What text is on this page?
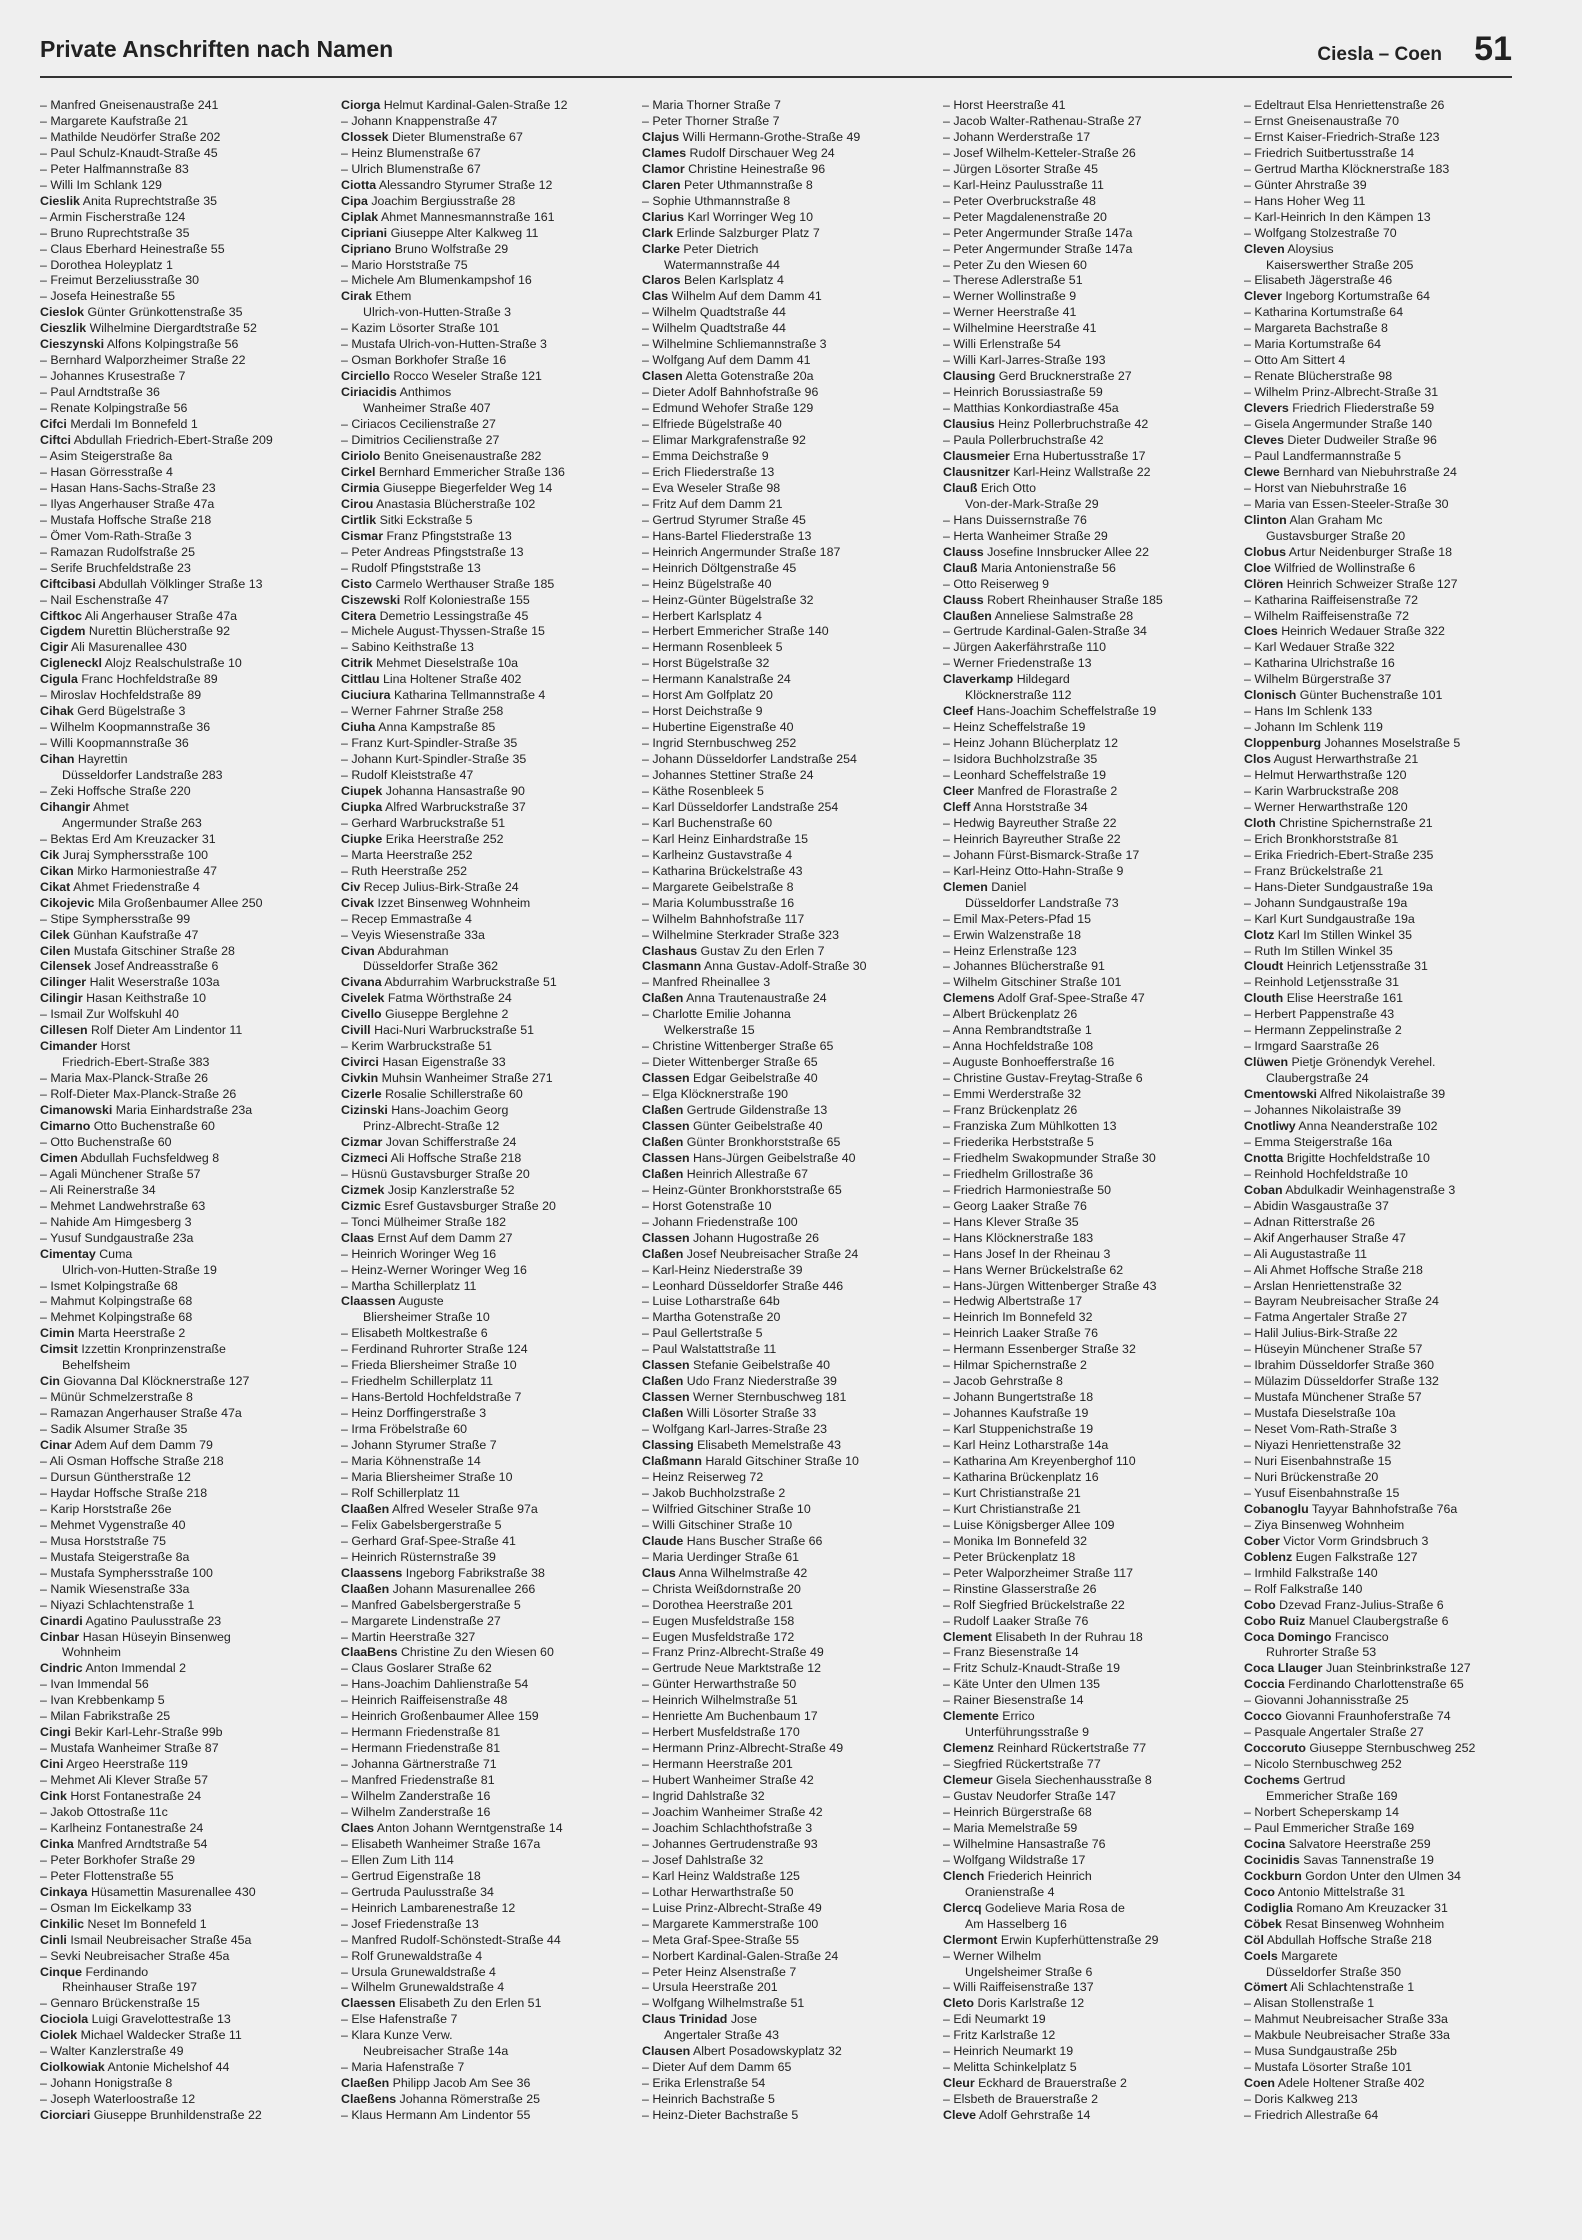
Private Anschriften nach Namen	Ciesla – Coen 51
– Manfred Gneisenaustraße 241
– Margarete Kaufstraße 21
– Mathilde Neudörfer Straße 202
– Paul Schulz-Knaudt-Straße 45
– Peter Halfmannstraße 83
– Willi Im Schlank 129
Cieslik Anita Ruprechtstraße 35
– Armin Fischerstraße 124
– Bruno Ruprechtstraße 35
– Claus Eberhard Heinestraße 55
– Dorothea Holeyplatz 1
– Freimut Berzeliusstraße 30
– Josefa Heinestraße 55
Cieslok Günter Grünkottenstraße 35
Cieszlik Wilhelmine Diergardtstraße 52
Cieszynski Alfons Kolpingstraße 56
– Bernhard Walporzheimer Straße 22
– Johannes Krusestraße 7
– Paul Arndtstraße 36
– Renate Kolpingstraße 56
Cifci Merdali Im Bonnefeld 1
Ciftci Abdullah Friedrich-Ebert-Straße 209
– Asim Steigerstraße 8a
– Hasan Görresstraße 4
– Hasan Hans-Sachs-Straße 23
– Ilyas Angerhauser Straße 47a
– Mustafa Hoffsche Straße 218
– Ömer Vom-Rath-Straße 3
– Ramazan Rudolfstraße 25
– Serife Bruchfeldstraße 23
Ciftcibasi Abdullah Völklinger Straße 13
– Nail Eschenstraße 47
Ciftkoc Ali Angerhauser Straße 47a
Cigdem Nurettin Blücherstraße 92
Cigir Ali Masurenallee 430
Cigleneckl Alojz Realschulstraße 10
Cigula Franc Hochfeldstraße 89
– Miroslav Hochfeldstraße 89
Cihak Gerd Bügelstraße 3
– Wilhelm Koopmannstraße 36
– Willi Koopmannstraße 36
Cihan Hayrettin
Düsseldorfer Landstraße 283
– Zeki Hoffsche Straße 220
Cihangir Ahmet
Angermunder Straße 263
– Bektas Erd Am Kreuzacker 31
Cik Juraj Symphersstraße 100
Cikan Mirko Harmoniestraße 47
Cikat Ahmet Friedenstraße 4
Cikojevic Mila Großenbaumer Allee 250
– Stipe Symphersstraße 99
Cilek Günhan Kaufstraße 47
Cilen Mustafa Gitschiner Straße 28
Cilensek Josef Andreasstraße 6
Cilinger Halit Weserstraße 103a
Cilingir Hasan Keithstraße 10
– Ismail Zur Wolfskuhl 40
Cillesen Rolf Dieter Am Lindentor 11
Cimander Horst
Friedrich-Ebert-Straße 383
– Maria Max-Planck-Straße 26
– Rolf-Dieter Max-Planck-Straße 26
Cimanowski Maria Einhardstraße 23a
Cimarno Otto Buchenstraße 60
– Otto Buchenstraße 60
Cimen Abdullah Fuchsfeldweg 8
– Agali Münchener Straße 57
– Ali Reinerstraße 34
– Mehmet Landwehrstraße 63
– Nahide Am Himgesberg 3
– Yusuf Sundgaustraße 23a
Cimentay Cuma
Ulrich-von-Hutten-Straße 19
– Ismet Kolpingstraße 68
– Mahmut Kolpingstraße 68
– Mehmet Kolpingstraße 68
Cimin Marta Heerstraße 2
Cimsit Izzettin Kronprinzenstraße
Behelfsheim
Cin Giovanna Dal Klöcknerstraße 127
– Münür Schmelzerstraße 8
– Ramazan Angerhauser Straße 47a
– Sadik Alsumer Straße 35
Cinar Adem Auf dem Damm 79
– Ali Osman Hoffsche Straße 218
– Dursun Güntherstraße 12
– Haydar Hoffsche Straße 218
– Karip Horststraße 26e
– Mehmet Vygenstraße 40
– Musa Horststraße 75
– Mustafa Steigerstraße 8a
– Mustafa Symphersstraße 100
– Namik Wiesenstraße 33a
– Niyazi Schlachtenstraße 1
Cinardi Agatino Paulusstraße 23
Cinbar Hasan Hüseyin Binsenweg
Wohnheim
Cindric Anton Immendal 2
– Ivan Immendal 56
– Ivan Krebbenkamp 5
– Milan Fabrikstraße 25
Cingi Bekir Karl-Lehr-Straße 99b
– Mustafa Wanheimer Straße 87
Cini Argeo Heerstraße 119
– Mehmet Ali Klever Straße 57
Cink Horst Fontanestraße 24
– Jakob Ottostraße 11c
– Karlheinz Fontanestraße 24
Cinka Manfred Arndtstraße 54
– Peter Borkhofer Straße 29
– Peter Flottenstraße 55
Cinkaya Hüsamettin Masurenallee 430
– Osman Im Eickelkamp 33
Cinkilic Neset Im Bonnefeld 1
Cinli Ismail Neubreisacher Straße 45a
– Sevki Neubreisacher Straße 45a
Cinque Ferdinando
Rheinhauser Straße 197
– Gennaro Brückenstraße 15
Ciociola Luigi Gravelottestraße 13
Ciolek Michael Waldecker Straße 11
– Walter Kanzlerstraße 49
Ciolkowiak Antonie Michelshof 44
– Johann Honigstraße 8
– Joseph Waterloostraße 12
Ciorciari Giuseppe Brunhildenstraße 22
Ciorga Helmut Kardinal-Galen-Straße 12
– Johann Knappenstraße 47
Clossek Dieter Blumenstraße 67
– Heinz Blumenstraße 67
– Ulrich Blumenstraße 67
Ciotta Alessandro Styrumer Straße 12
Cipa Joachim Bergiusstraße 28
Ciplak Ahmet Mannesmannstraße 161
Cipriani Giuseppe Alter Kalkweg 11
Cipriano Bruno Wolfstraße 29
– Mario Horststraße 75
– Michele Am Blumenkampshof 16
Cirak Ethem
Ulrich-von-Hutten-Straße 3
– Kazim Lösorter Straße 101
– Mustafa Ulrich-von-Hutten-Straße 3
– Osman Borkhofer Straße 16
Circiello Rocco Weseler Straße 121
Ciriacidis Anthimos
Wanheimer Straße 407
– Ciriacos Cecilienstraße 27
– Dimitrios Cecilienstraße 27
Ciriolo Benito Gneisenaustraße 282
Cirkel Bernhard Emmericher Straße 136
Cirmia Giuseppe Biegerfelder Weg 14
Cirou Anastasia Blücherstraße 102
Cirtlik Sitki Eckstraße 5
Cismar Franz Pfingststraße 13
– Peter Andreas Pfingststraße 13
– Rudolf Pfingststraße 13
Cisto Carmelo Werthauser Straße 185
Ciszewski Rolf Koloniestraße 155
Citera Demetrio Lessingstraße 45
– Michele August-Thyssen-Straße 15
– Sabino Keithstraße 13
Citrik Mehmet Dieselstraße 10a
Cittlau Lina Holtener Straße 402
Ciuciura Katharina Tellmannstraße 4
– Werner Fahrner Straße 258
Ciuha Anna Kampstraße 85
– Franz Kurt-Spindler-Straße 35
– Johann Kurt-Spindler-Straße 35
– Rudolf Kleiststraße 47
Ciupek Johanna Hansastraße 90
Ciupka Alfred Warbruckstraße 37
– Gerhard Warbruckstraße 51
Ciupke Erika Heerstraße 252
– Marta Heerstraße 252
– Ruth Heerstraße 252
Civ Recep Julius-Birk-Straße 24
Civak Izzet Binsenweg Wohnheim
– Recep Emmastraße 4
– Veyis Wiesenstraße 33a
Civan Abdurahman
Düsseldorfer Straße 362
Civana Abdurrahim Warbruckstraße 51
Civelek Fatma Wörthstraße 24
Civello Giuseppe Berglehne 2
Civill Haci-Nuri Warbruckstraße 51
– Kerim Warbruckstraße 51
Civirci Hasan Eigenstraße 33
Civkin Muhsin Wanheimer Straße 271
Cizerle Rosalie Schillerstraße 60
Cizinski Hans-Joachim Georg
Prinz-Albrecht-Straße 12
Cizmar Jovan Schifferstraße 24
Cizmeci Ali Hoffsche Straße 218
– Hüsnü Gustavsburger Straße 20
Cizmek Josip Kanzlerstraße 52
Cizmic Esref Gustavsburger Straße 20
– Tonci Mülheimer Straße 182
Claas Ernst Auf dem Damm 27
– Heinrich Woringer Weg 16
– Heinz-Werner Woringer Weg 16
– Martha Schillerplatz 11
Claassen Auguste
Bliersheimer Straße 10
– Elisabeth Moltkestraße 6
– Ferdinand Ruhrorter Straße 124
– Frieda Bliersheimer Straße 10
– Friedhelm Schillerplatz 11
– Hans-Bertold Hochfeldstraße 7
– Heinz Dorffingerstraße 3
– Irma Fröbelstraße 60
– Johann Styrumer Straße 7
– Maria Köhnenstraße 14
– Maria Bliersheimer Straße 10
– Rolf Schillerplatz 11
Claaßen Alfred Weseler Straße 97a
– Felix Gabelsbergerstraße 5
– Gerhard Graf-Spee-Straße 41
– Heinrich Rüsternstraße 39
Claassens Ingeborg Fabrikstraße 38
Claaßen Johann Masurenallee 266
– Manfred Gabelsbergerstraße 5
– Margarete Lindenstraße 27
– Martin Heerstraße 327
ClaaBens Christine Zu den Wiesen 60
– Claus Goslarer Straße 62
– Hans-Joachim Dahlienstraße 54
– Heinrich Raiffeisenstraße 48
– Heinrich Großenbaumer Allee 159
– Hermann Friedenstraße 81
– Hermann Friedenstraße 81
– Johanna Gärtnerstraße 71
– Manfred Friedenstraße 81
– Wilhelm Zanderstraße 16
– Wilhelm Zanderstraße 16
Claes Anton Johann Werntgenstraße 14
– Elisabeth Wanheimer Straße 167a
– Ellen Zum Lith 114
– Gertrud Eigenstraße 18
– Gertruda Paulusstraße 34
– Heinrich Lambarenestraße 12
– Josef Friedenstraße 13
– Manfred Rudolf-Schönstedt-Straße 44
– Rolf Grunewaldstraße 4
– Ursula Grunewaldstraße 4
– Wilhelm Grunewaldstraße 4
Claessen Elisabeth Zu den Erlen 51
– Else Hafenstraße 7
– Klara Kunze Verw.
Neubreisacher Straße 14a
– Maria Hafenstraße 7
Claeßen Philipp Jacob Am See 36
Claeßens Johanna Römerstraße 25
– Klaus Hermann Am Lindentor 55
– Maria Thorner Straße 7
– Peter Thorner Straße 7
Clajus Willi Hermann-Grothe-Straße 49
Clames Rudolf Dirschauer Weg 24
Clamor Christine Heinestraße 96
Claren Peter Uthmannstraße 8
– Sophie Uthmannstraße 8
Clarius Karl Worringer Weg 10
Clark Erlinde Salzburger Platz 7
Clarke Peter Dietrich
Watermannstraße 44
Claros Belen Karlsplatz 4
Clas Wilhelm Auf dem Damm 41
– Wilhelm Quadtstraße 44
– Wilhelm Quadtstraße 44
– Wilhelmine Schliemannstraße 3
– Wolfgang Auf dem Damm 41
Clasen Aletta Gotenstraße 20a
– Dieter Adolf Bahnhofstraße 96
– Edmund Wehofer Straße 129
– Elfriede Bügelstraße 40
– Elimar Markgrafenstraße 92
– Emma Deichstraße 9
– Erich Fliederstraße 13
– Eva Weseler Straße 98
– Fritz Auf dem Damm 21
– Gertrud Styrumer Straße 45
– Hans-Bartel Fliederstraße 13
– Heinrich Angermunder Straße 187
– Heinrich Döltgenstraße 45
– Heinz Bügelstraße 40
– Heinz-Günter Bügelstraße 32
– Herbert Karlsplatz 4
– Herbert Emmericher Straße 140
– Hermann Rosenbleek 5
– Horst Bügelstraße 32
– Hermann Kanalstraße 24
– Horst Am Golfplatz 20
– Horst Deichstraße 9
– Hubertine Eigenstraße 40
– Ingrid Sternbuschweg 252
– Johann Düsseldorfer Landstraße 254
– Johannes Stettiner Straße 24
– Käthe Rosenbleek 5
– Karl Düsseldorfer Landstraße 254
– Karl Buchenstraße 60
– Karl Heinz Einhardstraße 15
– Karlheinz Gustavstraße 4
– Katharina Brückelstraße 43
– Margarete Geibelstraße 8
– Maria Kolumbusstraße 16
– Wilhelm Bahnhofstraße 117
– Wilhelmine Sterkrader Straße 323
Clashaus Gustav Zu den Erlen 7
Clasmann Anna Gustav-Adolf-Straße 30
– Manfred Rheinallee 3
Claßen Anna Trautenaustraße 24
– Charlotte Emilie Johanna
Welkerstraße 15
– Christine Wittenberger Straße 65
– Dieter Wittenberger Straße 65
Classen Edgar Geibelstraße 40
– Elga Klöcknerstraße 190
Claßen Gertrude Gildenstraße 13
Classen Günter Geibelstraße 40
Claßen Günter Bronkhorststraße 65
Classen Hans-Jürgen Geibelstraße 40
Claßen Heinrich Allestraße 67
– Heinz-Günter Bronkhorststraße 65
– Horst Gotenstraße 10
– Johann Friedenstraße 100
Classen Johann Hugostraße 26
Claßen Josef Neubreisacher Straße 24
– Karl-Heinz Niederstraße 39
– Leonhard Düsseldorfer Straße 446
– Luise Lotharstraße 64b
– Martha Gotenstraße 20
– Paul Gellertstraße 5
– Paul Walstattstraße 11
Classen Stefanie Geibelstraße 40
Claßen Udo Franz Niederstraße 39
Classen Werner Sternbuschweg 181
Claßen Willi Lösorter Straße 33
– Wolfgang Karl-Jarres-Straße 23
Classing Elisabeth Memelstraße 43
Claßmann Harald Gitschiner Straße 10
– Heinz Reiserweg 72
– Jakob Buchholzstraße 2
– Wilfried Gitschiner Straße 10
– Willi Gitschiner Straße 10
Claude Hans Buscher Straße 66
– Maria Uerdinger Straße 61
Claus Anna Wilhelmstraße 42
– Christa Weißdornstraße 20
– Dorothea Heerstraße 201
– Eugen Musfeldstraße 158
– Eugen Musfeldstraße 172
– Franz Prinz-Albrecht-Straße 49
– Gertrude Neue Marktstraße 12
– Günter Herwarthstraße 50
– Heinrich Wilhelmstraße 51
– Henriette Am Buchenbaum 17
– Herbert Musfeldstraße 170
– Hermann Prinz-Albrecht-Straße 49
– Hermann Heerstraße 201
– Hubert Wanheimer Straße 42
– Ingrid Dahlstraße 32
– Joachim Wanheimer Straße 42
– Joachim Schlachthofstraße 3
– Johannes Gertrudenstraße 93
– Josef Dahlstraße 32
– Karl Heinz Waldstraße 125
– Lothar Herwarthstraße 50
– Luise Prinz-Albrecht-Straße 49
– Margarete Kammerstraße 100
– Meta Graf-Spee-Straße 55
– Norbert Kardinal-Galen-Straße 24
– Peter Heinz Alsenstraße 7
– Ursula Heerstraße 201
– Wolfgang Wilhelmstraße 51
Claus Trinidad Jose
Angertaler Straße 43
Clausen Albert Posadowskyplatz 32
– Dieter Auf dem Damm 65
– Erika Erlenstraße 54
– Heinrich Bachstraße 5
– Heinz-Dieter Bachstraße 5
– Horst Heerstraße 41
– Jacob Walter-Rathenau-Straße 27
– Johann Werderstraße 17
– Josef Wilhelm-Ketteler-Straße 26
– Jürgen Lösorter Straße 45
– Karl-Heinz Paulusstraße 11
– Peter Overbruckstraße 48
– Peter Magdalenenstraße 20
– Peter Angermunder Straße 147a
– Peter Angermunder Straße 147a
– Peter Zu den Wiesen 60
– Therese Adlerstraße 51
– Werner Wollinstraße 9
– Werner Heerstraße 41
– Wilhelmine Heerstraße 41
– Willi Erlenstraße 54
– Willi Karl-Jarres-Straße 193
Clausing Gerd Brucknerstraße 27
– Heinrich Borussiastraße 59
– Matthias Konkordiastraße 45a
Clausius Heinz Pollerbruchstraße 42
– Paula Pollerbruchstraße 42
Clausmeier Erna Hubertusstraße 17
Clausnitzer Karl-Heinz Wallstraße 22
Clauß Erich Otto
Von-der-Mark-Straße 29
– Hans Duissernstraße 76
– Herta Wanheimer Straße 29
Clauss Josefine Innsbrucker Allee 22
Clauß Maria Antonienstraße 56
– Otto Reiserweg 9
Clauss Robert Rheinhauser Straße 185
Claußen Anneliese Salmstraße 28
– Gertrude Kardinal-Galen-Straße 34
– Jürgen Aakerfährstraße 110
– Werner Friedenstraße 13
Claverkamp Hildegard
Klöcknerstraße 112
Cleef Hans-Joachim Scheffelstraße 19
– Heinz Scheffelstraße 19
– Heinz Johann Blücherplatz 12
– Isidora Buchholzstraße 35
– Leonhard Scheffelstraße 19
Cleer Manfred de Florastraße 2
Cleff Anna Horststraße 34
– Hedwig Bayreuther Straße 22
– Heinrich Bayreuther Straße 22
– Johann Fürst-Bismarck-Straße 17
– Karl-Heinz Otto-Hahn-Straße 9
Clemen Daniel
Düsseldorfer Landstraße 73
– Emil Max-Peters-Pfad 15
– Erwin Walzenstraße 18
– Heinz Erlenstraße 123
– Johannes Blücherstraße 91
– Wilhelm Gitschiner Straße 101
Clemens Adolf Graf-Spee-Straße 47
– Albert Brückenplatz 26
– Anna Rembrandtstraße 1
– Anna Hochfeldstraße 108
– Auguste Bonhoefferstraße 16
– Christine Gustav-Freytag-Straße 6
– Emmi Werderstraße 32
– Franz Brückenplatz 26
– Franziska Zum Mühlkotten 13
– Friederika Herbststraße 5
– Friedhelm Swakopmunder Straße 30
– Friedhelm Grillostraße 36
– Friedrich Harmoniestraße 50
– Georg Laaker Straße 76
– Hans Klever Straße 35
– Hans Klöcknerstraße 183
– Hans Josef In der Rheinau 3
– Hans Werner Brückelstraße 62
– Hans-Jürgen Wittenberger Straße 43
– Hedwig Albertstraße 17
– Heinrich Im Bonnefeld 32
– Heinrich Laaker Straße 76
– Hermann Essenberger Straße 32
– Hilmar Spichernstraße 2
– Jacob Gehrstraße 8
– Johann Bungertstraße 18
– Johannes Kaufstraße 19
– Karl Stuppenichstraße 19
– Karl Heinz Lotharstraße 14a
– Katharina Am Kreyenberghof 110
– Katharina Brückenplatz 16
– Kurt Christianstraße 21
– Kurt Christianstraße 21
– Luise Königsberger Allee 109
– Monika Im Bonnefeld 32
– Peter Brückenplatz 18
– Peter Walporzheimer Straße 117
– Rinstine Glasserstraße 26
– Rolf Siegfried Brückelstraße 22
– Rudolf Laaker Straße 76
Clement Elisabeth In der Ruhrau 18
– Franz Biesenstraße 14
– Fritz Schulz-Knaudt-Straße 19
– Käte Unter den Ulmen 135
– Rainer Biesenstraße 14
Clemente Errico
Unterführungsstraße 9
Clemenz Reinhard Rückertstraße 77
– Siegfried Rückertstraße 77
Clemeur Gisela Siechenhausstraße 8
– Gustav Neudorfer Straße 147
– Heinrich Bürgerstraße 68
– Maria Memelstraße 59
– Wilhelmine Hansastraße 76
– Wolfgang Wildstraße 17
Clench Friederich Heinrich
Oranienstraße 4
Clercq Godelieve Maria Rosa de
Am Hasselberg 16
Clermont Erwin Kupferhüttenstraße 29
– Werner Wilhelm
Ungelsheimer Straße 6
– Willi Raiffeisenstraße 137
Cleto Doris Karlstraße 12
– Edi Neumarkt 19
– Fritz Karlstraße 12
– Heinrich Neumarkt 19
– Melitta Schinkelplatz 5
Cleur Eckhard de Brauerstraße 2
– Elsbeth de Brauerstraße 2
Cleve Adolf Gehrstraße 14
– Edeltraut Elsa Henriettenstraße 26
– Ernst Gneisenaustraße 70
– Ernst Kaiser-Friedrich-Straße 123
– Friedrich Suitbertusstraße 14
– Gertrud Martha Klöcknerstraße 183
– Günter Ahrstraße 39
– Hans Hoher Weg 11
– Karl-Heinrich In den Kämpen 13
– Wolfgang Stolzestraße 70
Cleven Aloysius
Kaiserswerther Straße 205
– Elisabeth Jägerstraße 46
Clever Ingeborg Kortumstraße 64
– Katharina Kortumstraße 64
– Margareta Bachstraße 8
– Maria Kortumstraße 64
– Otto Am Sittert 4
– Renate Blücherstraße 98
– Wilhelm Prinz-Albrecht-Straße 31
Clevers Friedrich Fliederstraße 59
– Gisela Angermunder Straße 140
Cleves Dieter Dudweiler Straße 96
– Paul Landfermannstraße 5
Clewe Bernhard van Niebuhrstraße 24
– Horst van Niebuhrstraße 16
– Maria van Essen-Steeler-Straße 30
Clinton Alan Graham Mc
Gustavsburger Straße 20
Clobus Artur Neidenburger Straße 18
Cloe Wilfried de Wollinstraße 6
Clören Heinrich Schweizer Straße 127
– Katharina Raiffeisenstraße 72
– Wilhelm Raiffeisenstraße 72
Cloes Heinrich Wedauer Straße 322
– Karl Wedauer Straße 322
– Katharina Ulrichstraße 16
– Wilhelm Bürgerstraße 37
Clonisch Günter Buchenstraße 101
– Hans Im Schlenk 133
– Johann Im Schlenk 119
Cloppenburg Johannes Moselstraße 5
Clos August Herwarthstraße 21
– Helmut Herwarthstraße 120
– Karin Warbruckstraße 208
– Werner Herwarthstraße 120
Cloth Christine Spichernstraße 21
– Erich Bronkhorststraße 81
– Erika Friedrich-Ebert-Straße 235
– Franz Brückelstraße 21
– Hans-Dieter Sundgaustraße 19a
– Johann Sundgaustraße 19a
– Karl Kurt Sundgaustraße 19a
Clotz Karl Im Stillen Winkel 35
– Ruth Im Stillen Winkel 35
Cloudt Heinrich Letjensstraße 31
– Reinhold Letjensstraße 31
Clouth Elise Heerstraße 161
– Herbert Pappenstraße 43
– Hermann Zeppelinstraße 2
– Irmgard Saarstraße 26
Clüwen Pietje Grönendyk Verehel.
Claubergstraße 24
Cmentowski Alfred Nikolaistraße 39
– Johannes Nikolaistraße 39
Cnotliwy Anna Neanderstraße 102
– Emma Steigerstraße 16a
Cnotta Brigitte Hochfeldstraße 10
– Reinhold Hochfeldstraße 10
Coban Abdulkadir Weinhagenstraße 3
– Abidin Wasgaustraße 37
– Adnan Ritterstraße 26
– Akif Angerhauser Straße 47
– Ali Augustastraße 11
– Ali Ahmet Hoffsche Straße 218
– Arslan Henriettenstraße 32
– Bayram Neubreisacher Straße 24
– Fatma Angertaler Straße 27
– Halil Julius-Birk-Straße 22
– Hüseyin Münchener Straße 57
– Ibrahim Düsseldorfer Straße 360
– Mülazim Düsseldorfer Straße 132
– Mustafa Münchener Straße 57
– Mustafa Dieselstraße 10a
– Neset Vom-Rath-Straße 3
– Niyazi Henriettenstraße 32
– Nuri Eisenbahnstraße 15
– Nuri Brückenstraße 20
– Yusuf Eisenbahnstraße 15
Cobanoglu Tayyar Bahnhofstraße 76a
– Ziya Binsenweg Wohnheim
Cober Victor Vorm Grindsbruch 3
Coblenz Eugen Falkstraße 127
– Irmhild Falkstraße 140
– Rolf Falkstraße 140
Cobo Dzevad Franz-Julius-Straße 6
Cobo Ruiz Manuel Claubergstraße 6
Coca Domingo Francisco
Ruhrorter Straße 53
Coca Llauger Juan Steinbrinkstraße 127
Coccia Ferdinando Charlottenstraße 65
– Giovanni Johannisstraße 25
Cocco Giovanni Fraunhoferstraße 74
– Pasquale Angertaler Straße 27
Coccoruto Giuseppe Sternbuschweg 252
– Nicolo Sternbuschweg 252
Cochems Gertrud
Emmericher Straße 169
– Norbert Scheperskamp 14
– Paul Emmericher Straße 169
Cocina Salvatore Heerstraße 259
Cocinidis Savas Tannenstraße 19
Cockburn Gordon Unter den Ulmen 34
Coco Antonio Mittelstraße 31
Codiglia Romano Am Kreuzacker 31
Cöbek Resat Binsenweg Wohnheim
Cöl Abdullah Hoffsche Straße 218
Coels Margarete
Düsseldorfer Straße 350
Cömert Ali Schlachtenstraße 1
– Alisan Stollenstraße 1
– Mahmut Neubreisacher Straße 33a
– Makbule Neubreisacher Straße 33a
– Musa Sundgaustraße 25b
– Mustafa Lösorter Straße 101
Coen Adele Holtener Straße 402
– Doris Kalkweg 213
– Friedrich Allestraße 64
